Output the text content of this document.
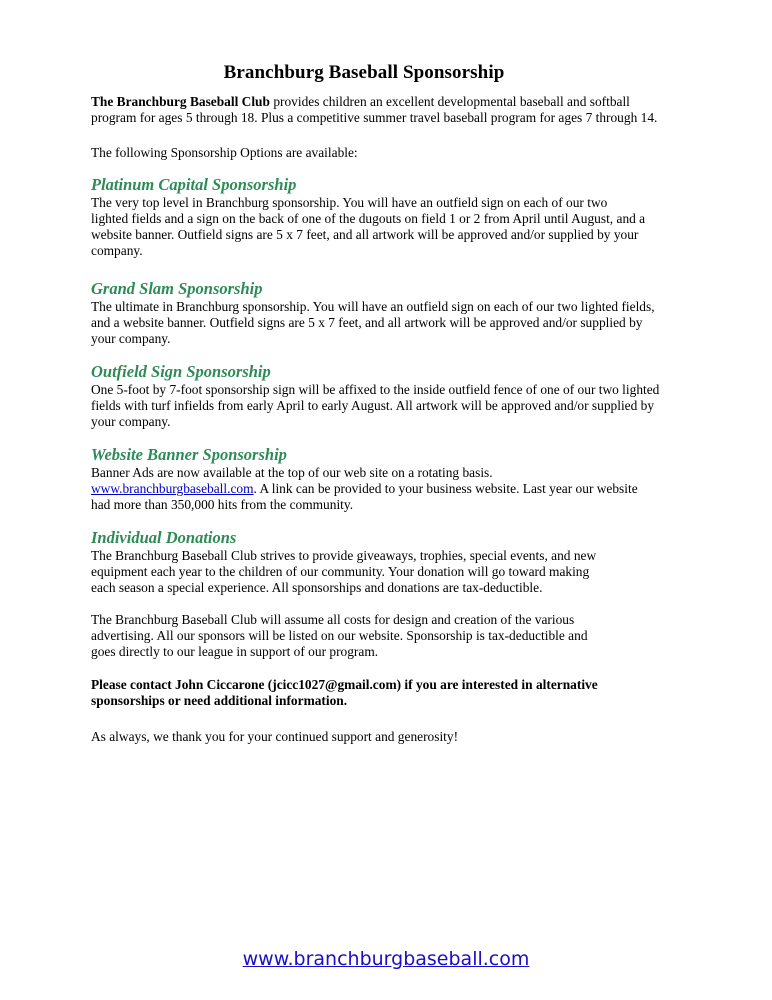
Branchburg Baseball Sponsorship

The Branchburg Baseball Club provides children an excellent developmental baseball and softball
program for ages 5 through 18. Plus a competitive summer travel baseball program for ages 7 through 14.

The following Sponsorship Options are available:

Platinum Capital Sponsorship

The very top level in Branchburg sponsorship. You will have an outfield sign on each of our two
lighted fields and a sign on the back of one of the dugouts on field 1 or 2 from April until August, and a
website banner. Outfield signs are 5 x 7 feet, and all artwork will be approved and/or supplied by your
company.

Grand Slam Sponsorship

The ultimate in Branchburg sponsorship. You will have an outfield sign on each of our two lighted fields,
and a website banner. Outfield signs are 5 x 7 feet, and all artwork will be approved and/or supplied by
your company.

Outfield Sign Sponsorship

One 5-foot by 7-foot sponsorship sign will be affixed to the inside outfield fence of one of our two lighted
fields with turf infields from early April to early August. All artwork will be approved and/or supplied by
your company.

Website Banner Sponsorship

Banner Ads are now available at the top of our web site on a rotating basis.
www.branchburgbaseball.com. A link can be provided to your business website. Last year our website
had more than 350,000 hits from the community.

Individual Donations

The Branchburg Baseball Club strives to provide giveaways, trophies, special events, and new
equipment each year to the children of our community. Your donation will go toward making
each season a special experience. All sponsorships and donations are tax-deductible.

The Branchburg Baseball Club will assume all costs for design and creation of the various
advertising. All our sponsors will be listed on our website. Sponsorship is tax-deductible and
goes directly to our league in support of our program.

Please contact John Ciccarone (jcicc1027@gmail.com) if you are interested in alternative
sponsorships or need additional information.

As always, we thank you for your continued support and generosity!

www.branchburgbaseball.com
